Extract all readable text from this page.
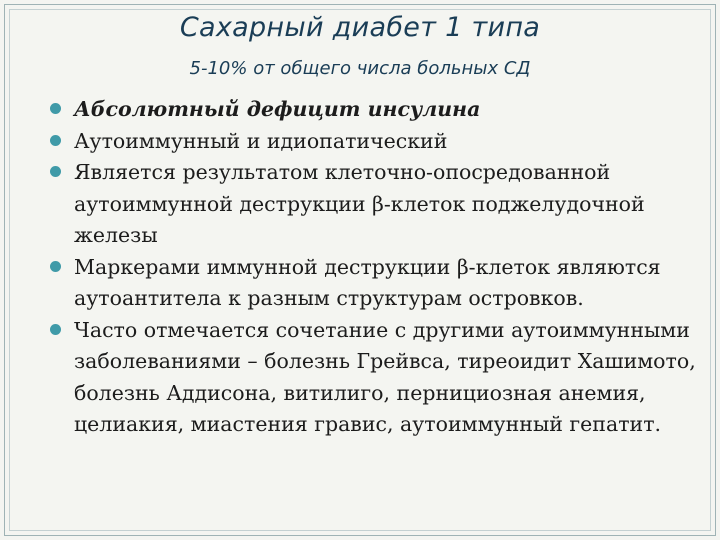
Сахарный диабет 1 типа
5-10% от общего числа больных СД
Абсолютный дефицит инсулина
Аутоиммунный и идиопатический
Является результатом клеточно-опосредованной аутоиммунной деструкции β-клеток поджелудочной железы
Маркерами иммунной деструкции β-клеток являются аутоантитела к разным структурам островков.
Часто отмечается сочетание с другими аутоиммунными заболеваниями – болезнь Грейвса, тиреоидит Хашимото, болезнь Аддисона, витилиго, пернициозная анемия, целиакия, миастения гравис, аутоиммунный гепатит.
